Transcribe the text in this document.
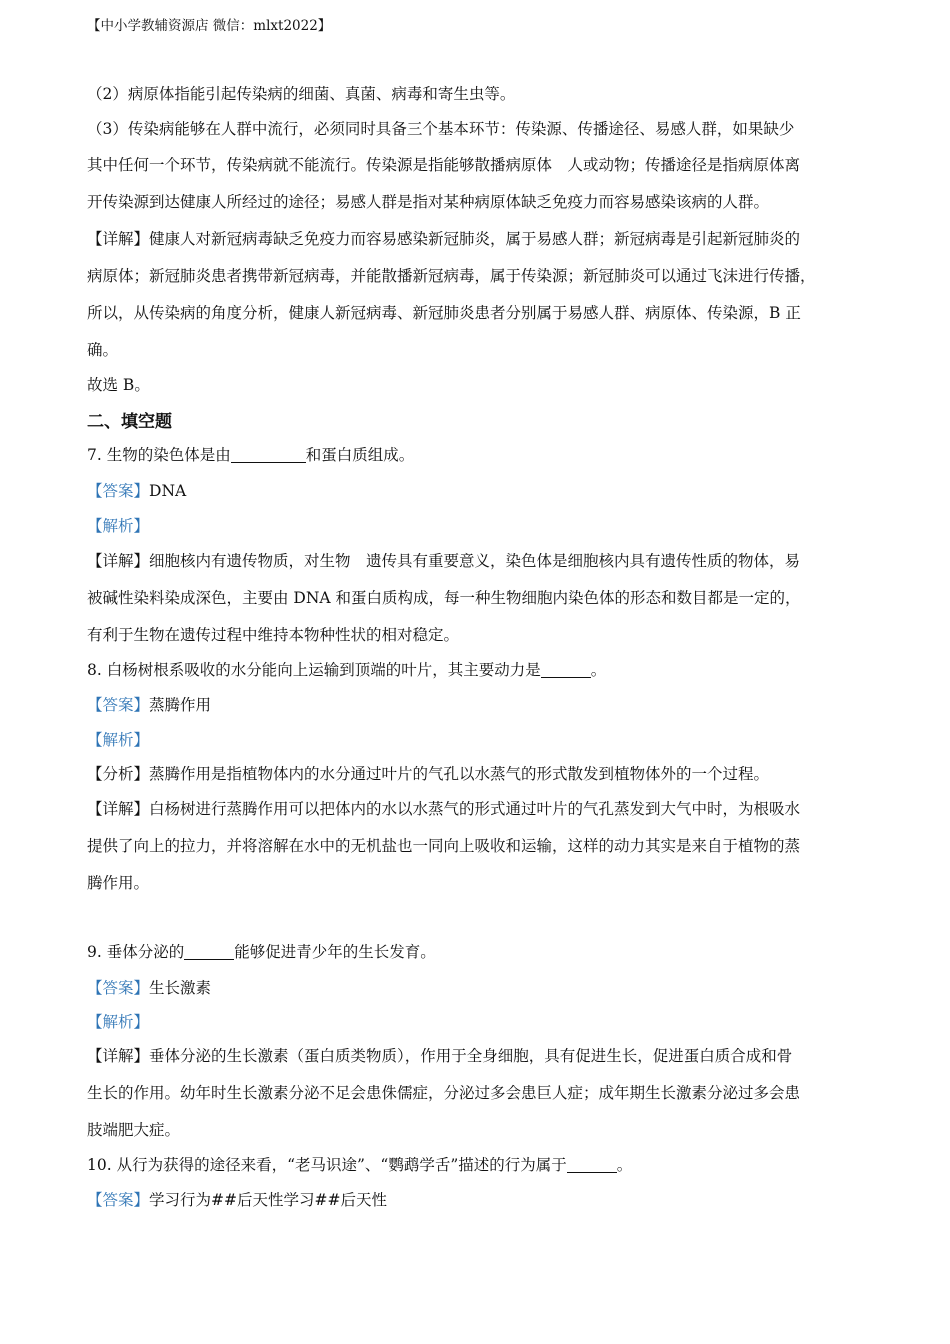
【中小学教辅资源店 微信：mlxt2022】
（2）病原体指能引起传染病的细菌、真菌、病毒和寄生虫等。
（3）传染病能够在人群中流行，必须同时具备三个基本环节：传染源、传播途径、易感人群，如果缺少
其中任何一个环节，传染病就不能流行。传染源是指能够散播病原体　人或动物；传播途径是指病原体离
开传染源到达健康人所经过的途径；易感人群是指对某种病原体缺乏免疫力而容易感染该病的人群。
【详解】健康人对新冠病毒缺乏免疫力而容易感染新冠肺炎，属于易感人群；新冠病毒是引起新冠肺炎的
病原体；新冠肺炎患者携带新冠病毒，并能散播新冠病毒，属于传染源；新冠肺炎可以通过飞沫进行传播，
所以，从传染病的角度分析，健康人新冠病毒、新冠肺炎患者分别属于易感人群、病原体、传染源，B 正
确。
故选 B。
二、填空题
7. 生物的染色体是由	和蛋白质组成。
【答案】DNA
【解析】
【详解】细胞核内有遗传物质，对生物　遗传具有重要意义，染色体是细胞核内具有遗传性质的物体，易
被碱性染料染成深色，主要由 DNA 和蛋白质构成，每一种生物细胞内染色体的形态和数目都是一定的，
有利于生物在遗传过程中维持本物种性状的相对稳定。
8. 白杨树根系吸收的水分能向上运输到顶端的叶片，其主要动力是	。
【答案】蒸腾作用
【解析】
【分析】蒸腾作用是指植物体内的水分通过叶片的气孔以水蒸气的形式散发到植物体外的一个过程。
【详解】白杨树进行蒸腾作用可以把体内的水以水蒸气的形式通过叶片的气孔蒸发到大气中时，为根吸水
提供了向上的拉力，并将溶解在水中的无机盐也一同向上吸收和运输，这样的动力其实是来自于植物的蒸
腾作用。
9. 垂体分泌的	能够促进青少年的生长发育。
【答案】生长激素
【解析】
【详解】垂体分泌的生长激素（蛋白质类物质），作用于全身细胞，具有促进生长，促进蛋白质合成和骨
生长的作用。幼年时生长激素分泌不足会患侏儒症，分泌过多会患巨人症；成年期生长激素分泌过多会患
肢端肥大症。
10. 从行为获得的途径来看，“老马识途”、“鹦鹉学舌”描述的行为属于	。
【答案】学习行为##后天性学习##后天性
